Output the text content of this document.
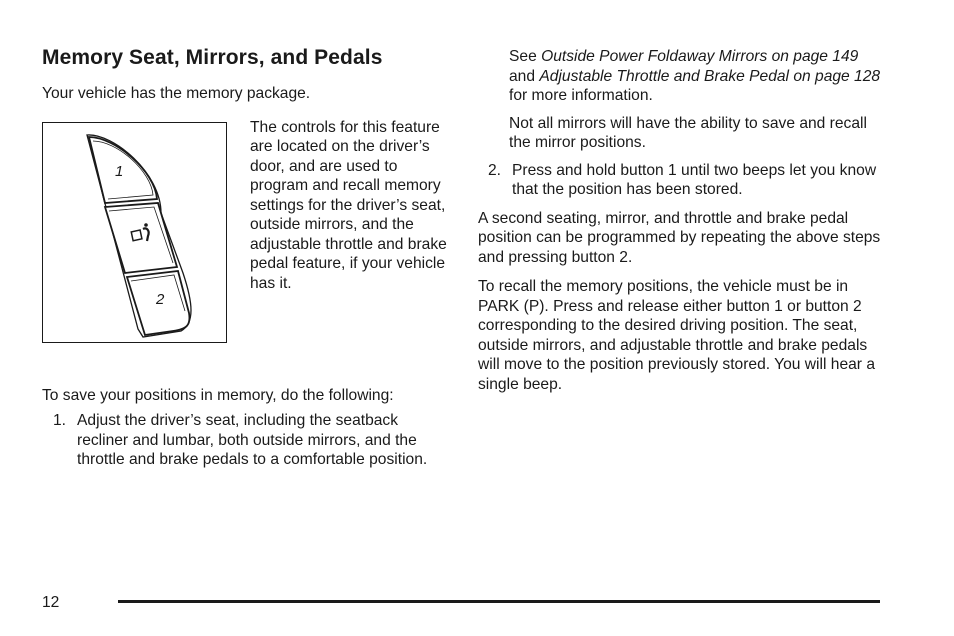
Memory Seat, Mirrors, and Pedals

Your vehicle has the memory package.

1
2

The controls for this feature are located on the driver’s door, and are used to program and recall memory settings for the driver’s seat, outside mirrors, and the adjustable throttle and brake pedal feature, if your vehicle has it.

To save your positions in memory, do the following:

1. Adjust the driver’s seat, including the seatback recliner and lumbar, both outside mirrors, and the throttle and brake pedals to a comfortable position.

See Outside Power Foldaway Mirrors on page 149 and Adjustable Throttle and Brake Pedal on page 128 for more information.

Not all mirrors will have the ability to save and recall the mirror positions.

2. Press and hold button 1 until two beeps let you know that the position has been stored.

A second seating, mirror, and throttle and brake pedal position can be programmed by repeating the above steps and pressing button 2.

To recall the memory positions, the vehicle must be in PARK (P). Press and release either button 1 or button 2 corresponding to the desired driving position. The seat, outside mirrors, and adjustable throttle and brake pedals will move to the position previously stored. You will hear a single beep.

12
